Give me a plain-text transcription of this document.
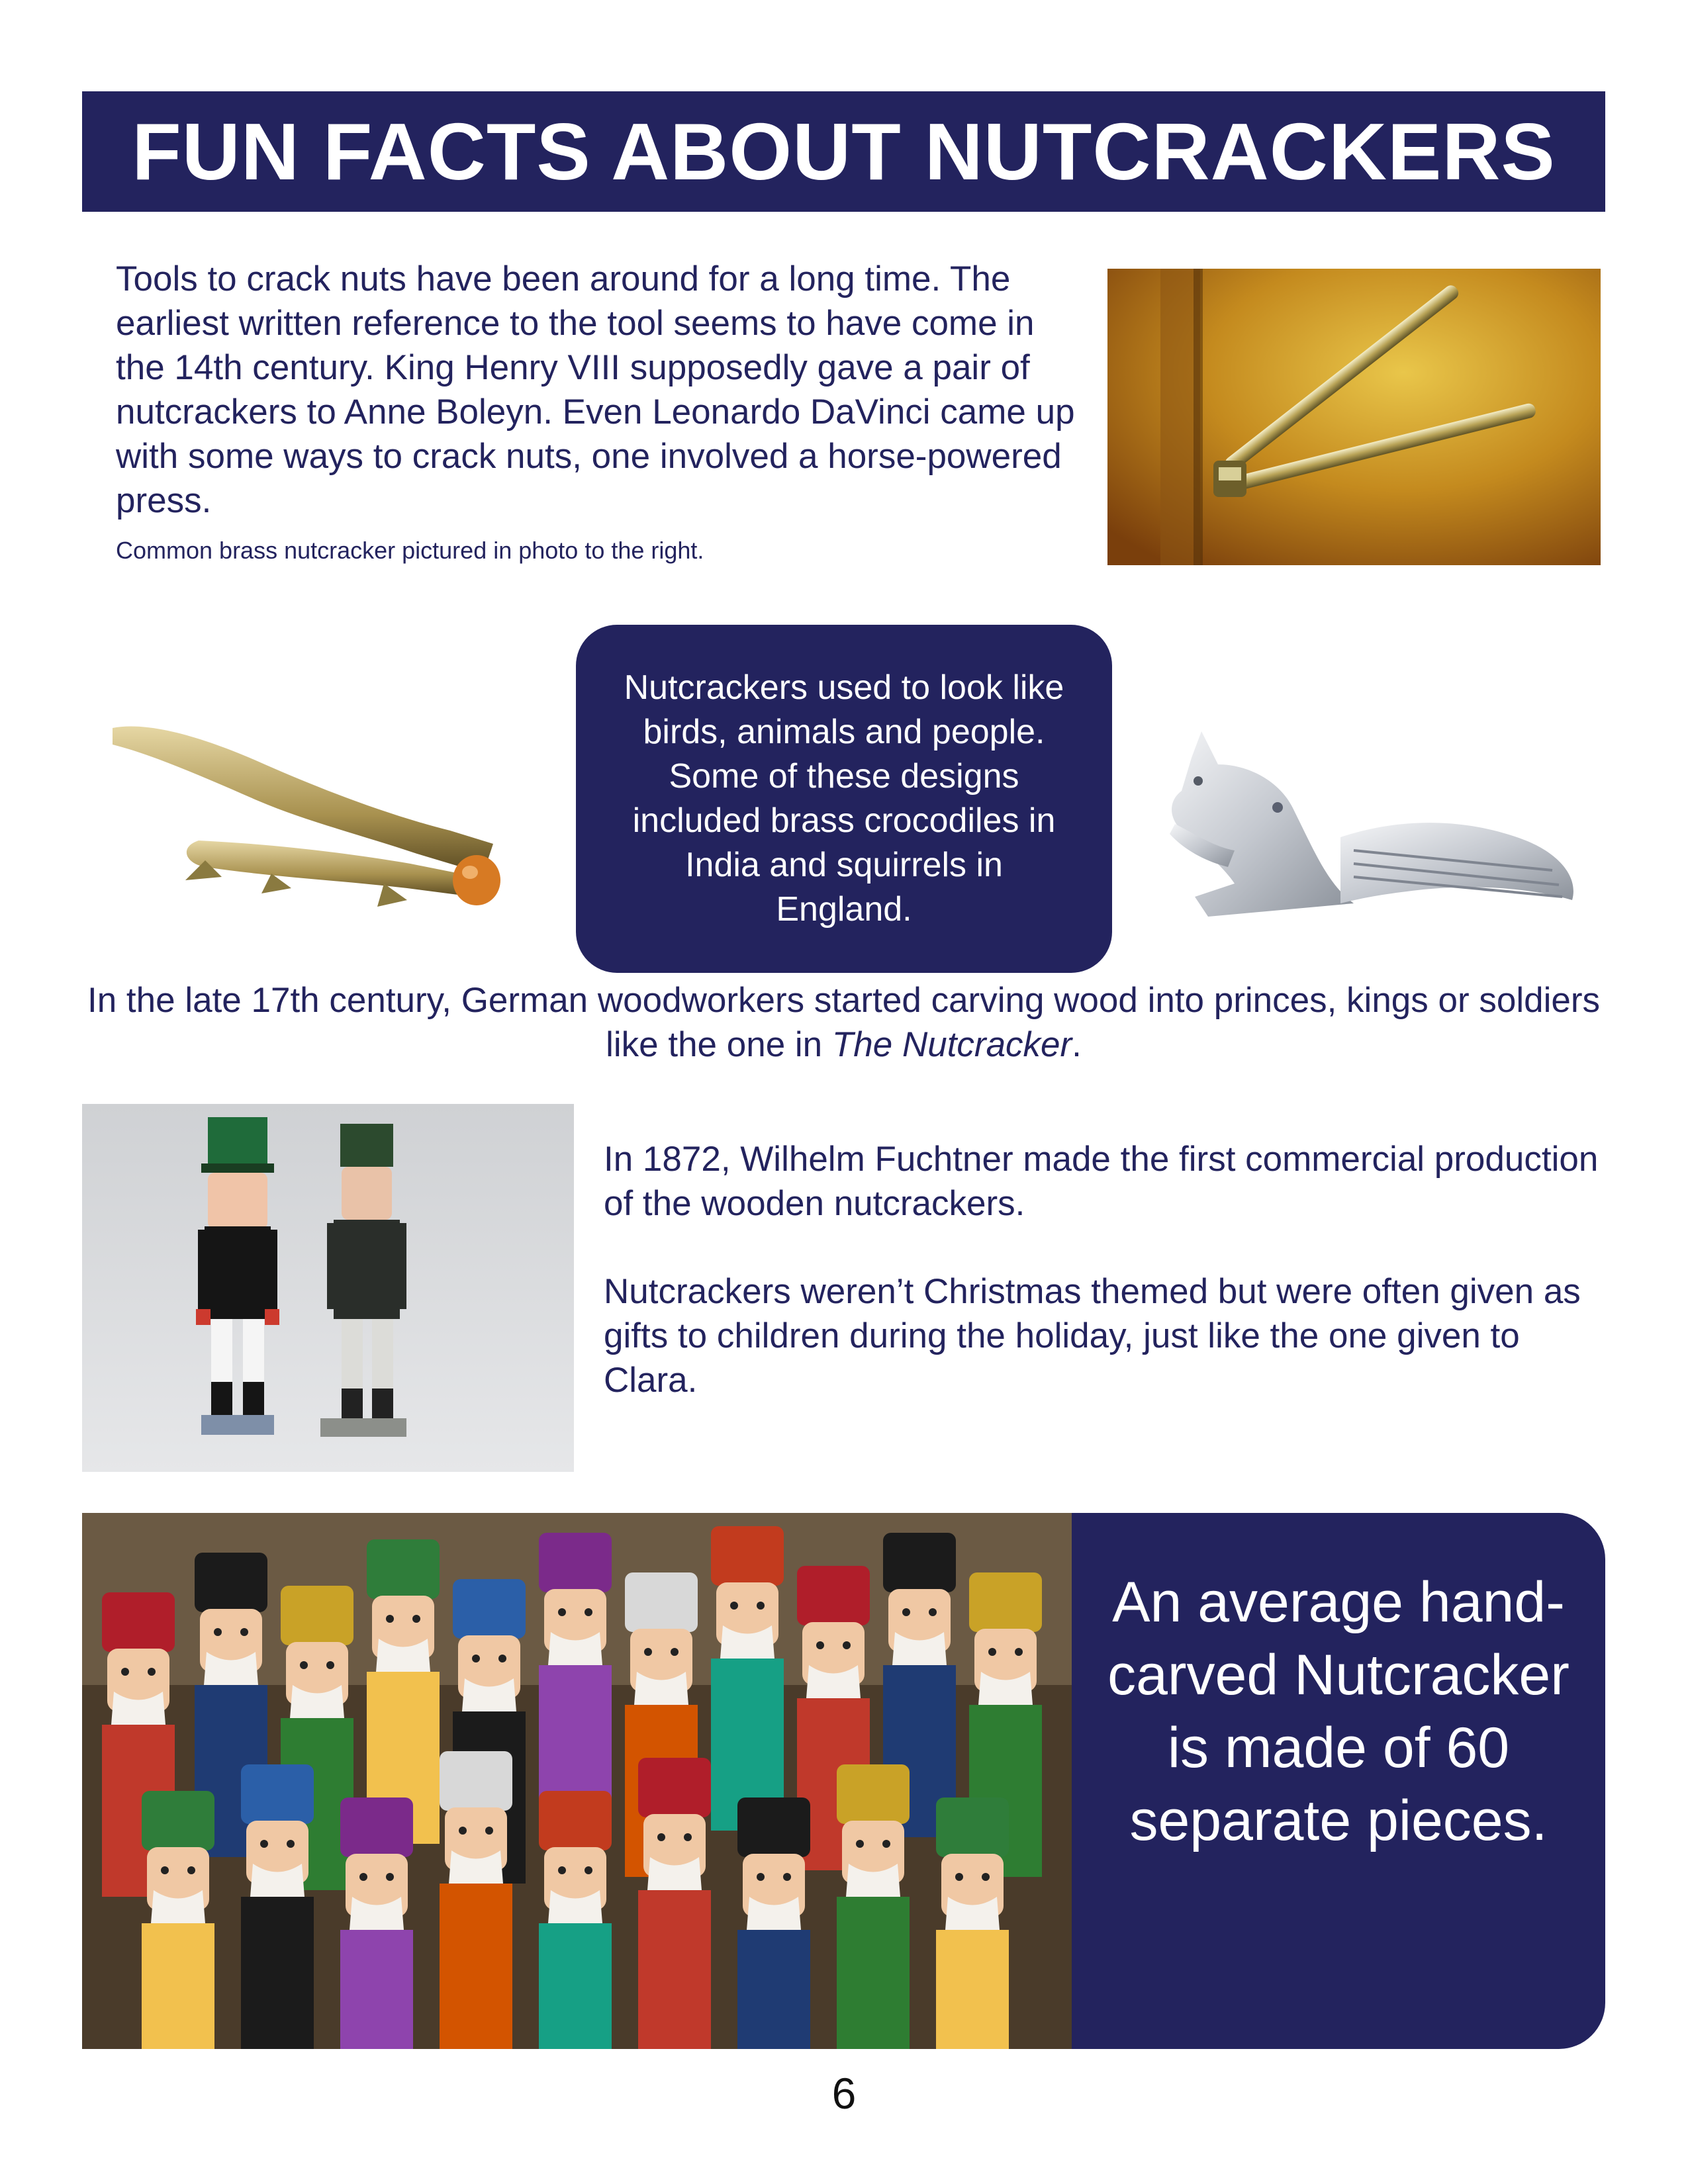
FUN FACTS ABOUT NUTCRACKERS
Tools to crack nuts have been around for a long time. The earliest written reference to the tool seems to have come in the 14th century. King Henry VIII supposedly gave a pair of nutcrackers to Anne Boleyn. Even Leonardo DaVinci came up with some ways to crack nuts, one involved a horse-powered press.
Common brass nutcracker pictured in photo to the right.
Nutcrackers used to look like birds, animals and people. Some of these designs included brass crocodiles in India and squirrels in England.
In the late 17th century, German woodworkers started carving wood into princes, kings or soldiers like the one in The Nutcracker.
In 1872, Wilhelm Fuchtner made the first commercial production of the wooden nutcrackers.
Nutcrackers weren’t Christmas themed but were often given as gifts to children during the holiday, just like the one given to Clara.
An average hand-carved Nutcracker is made of 60 separate pieces.
6
